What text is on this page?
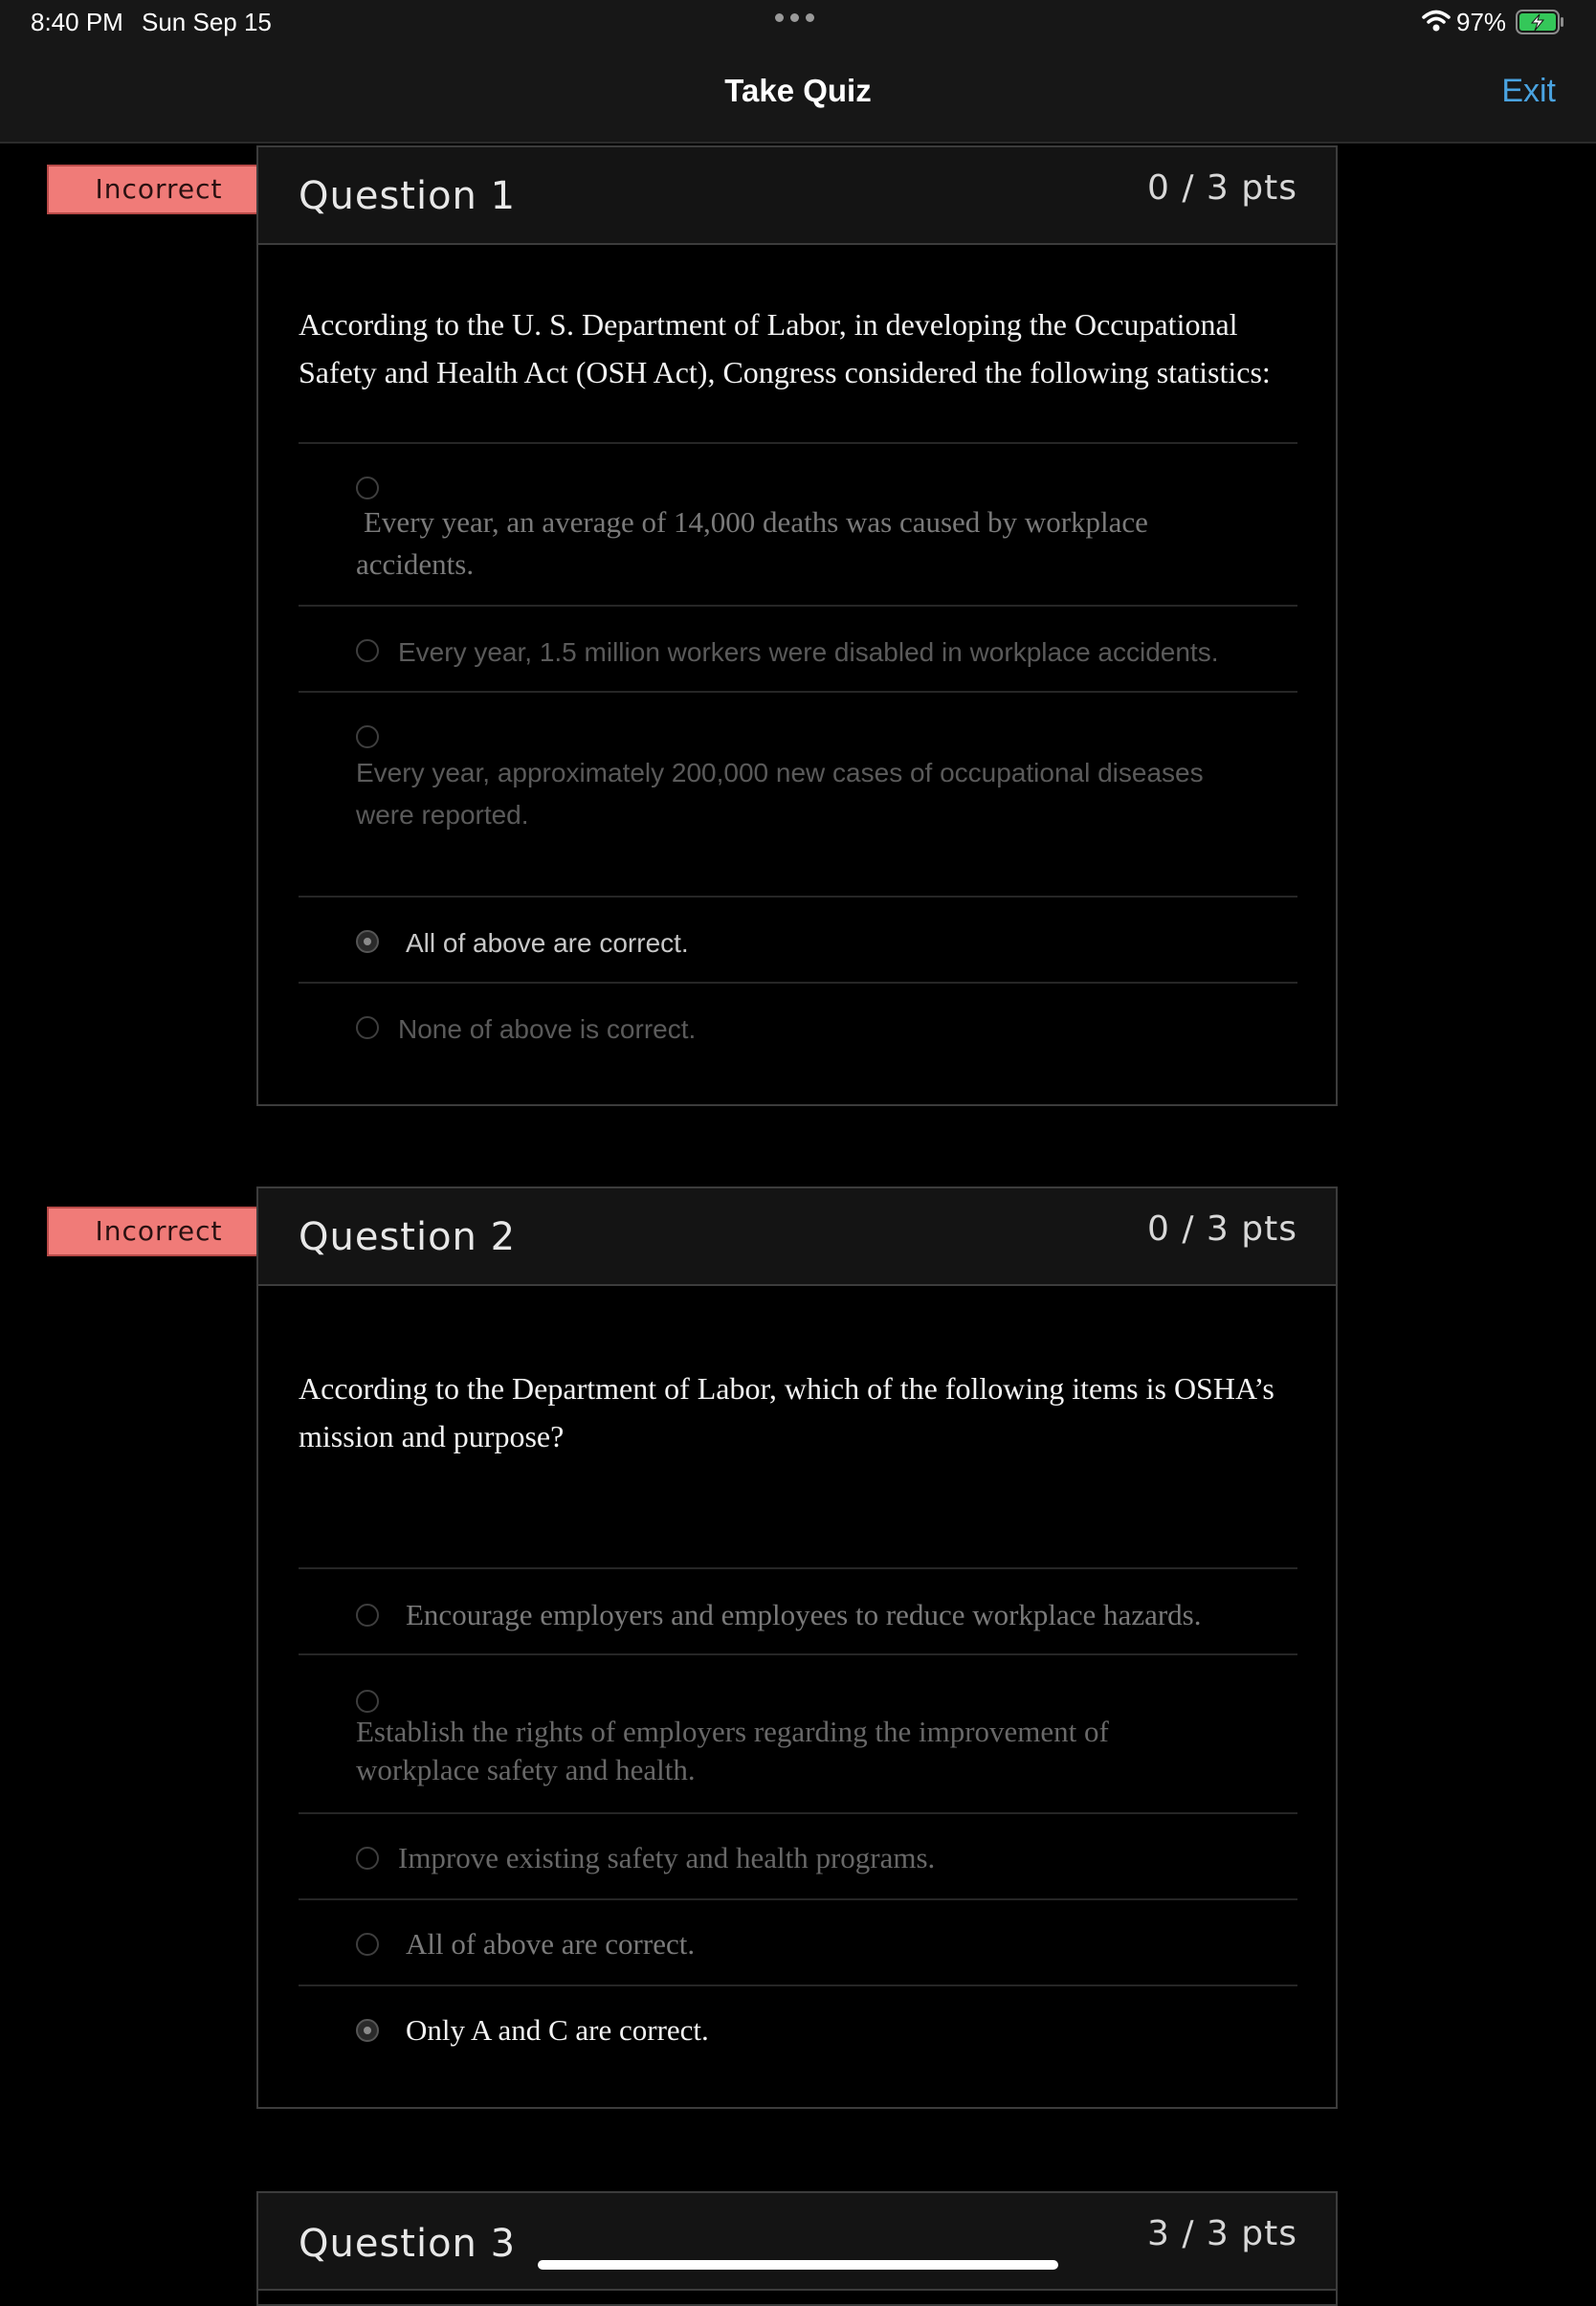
8:40 PM Sun Sep 15	97%
Take Quiz	Exit
Incorrect	Question 1	0 / 3 pts
According to the U. S. Department of Labor, in developing the Occupational Safety and Health Act (OSH Act), Congress considered the following statistics:
Every year, an average of 14,000 deaths was caused by workplace accidents.
Every year, 1.5 million workers were disabled in workplace accidents.
Every year, approximately 200,000 new cases of occupational diseases were reported.
All of above are correct.
None of above is correct.
Incorrect	Question 2	0 / 3 pts
According to the Department of Labor, which of the following items is OSHA’s mission and purpose?
Encourage employers and employees to reduce workplace hazards.
Establish the rights of employers regarding the improvement of workplace safety and health.
Improve existing safety and health programs.
All of above are correct.
Only A and C are correct.
Question 3	3 / 3 pts
